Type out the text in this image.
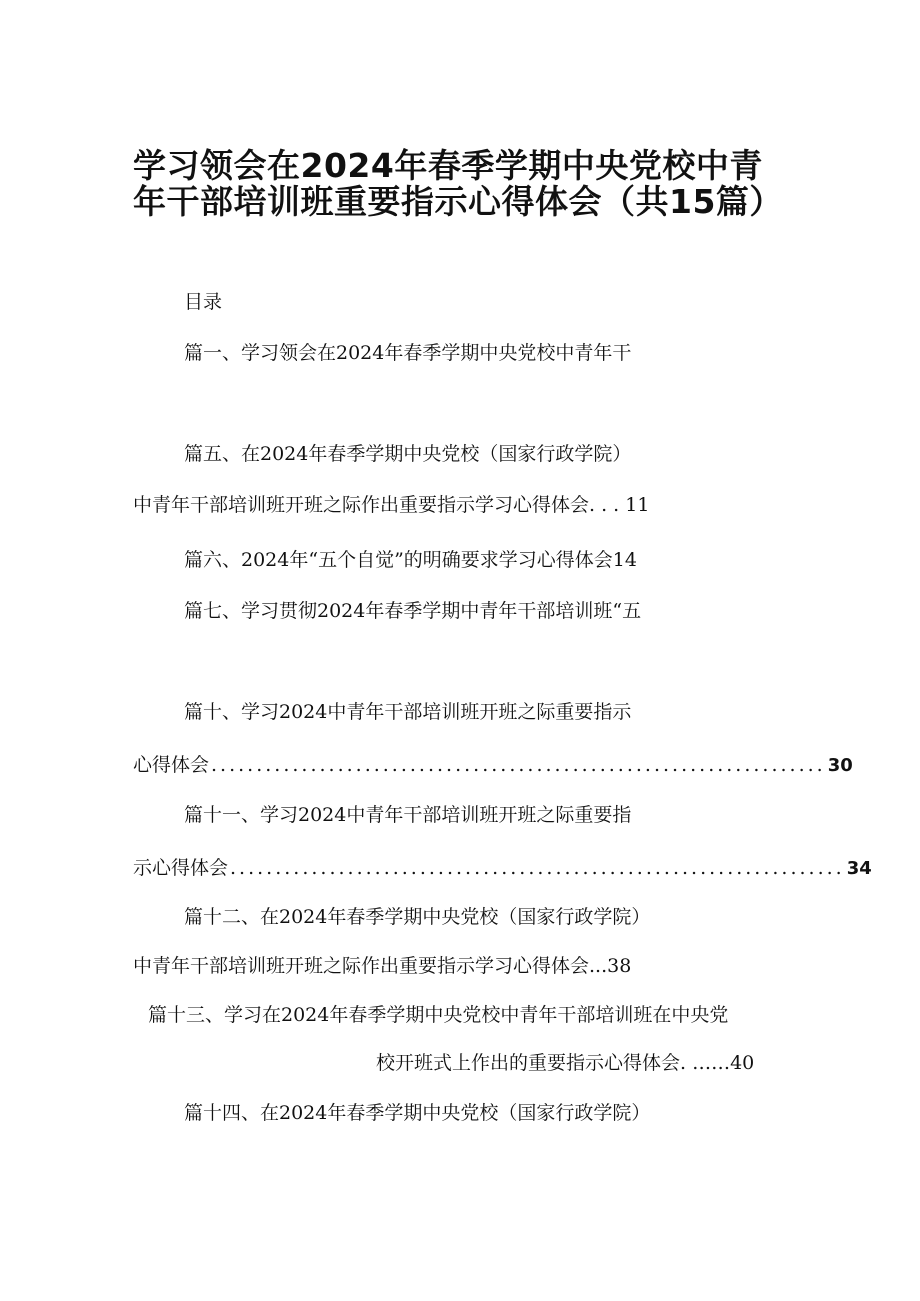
学习领会在2024年春季学期中央党校中青
年干部培训班重要指示心得体会（共15篇）
目录
篇一、学习领会在2024年春季学期中央党校中青年干
篇五、在2024年春季学期中央党校（国家行政学院）
中青年干部培训班开班之际作出重要指示学习心得体会. . . 11
篇六、2024年“五个自觉”的明确要求学习心得体会14
篇七、学习贯彻2024年春季学期中青年干部培训班“五
篇十、学习2024中青年干部培训班开班之际重要指示
心得体会 .................................................................... 30
篇十一、学习2024中青年干部培训班开班之际重要指
示心得体会 .................................................................... 34
篇十二、在2024年春季学期中央党校（国家行政学院）
中青年干部培训班开班之际作出重要指示学习心得体会...38
篇十三、学习在2024年春季学期中央党校中青年干部培训班在中央党
校开班式上作出的重要指示心得体会. ……40
篇十四、在2024年春季学期中央党校（国家行政学院）
